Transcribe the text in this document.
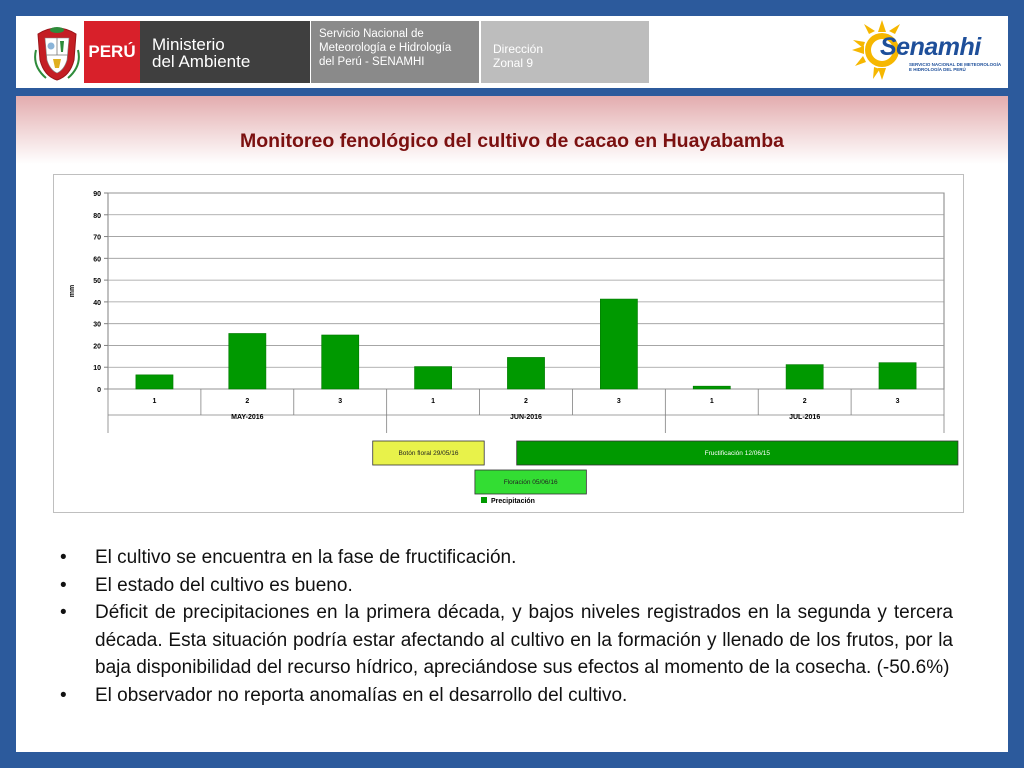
PERÚ Ministerio
del Ambiente
Servicio Nacional de
Meteorología e Hidrología
del Perú - SENAMHI
Dirección
Zonal 9
Senamhi
SERVICIO NACIONAL DE METEOROLOGÍA E HIDROLOGÍA DEL PERÚ
Monitoreo fenológico del cultivo de cacao en Huayabamba
0
10
20
30
40
50
60
70
80
90
mm
1	2	3	1	2	3	1	2	3
MAY-2016	JUN-2016	JUL-2016
Botón floral 29/05/16	Fructificación 12/06/15
Floración 05/06/16
Precipitación
• El cultivo se encuentra en la fase de fructificación.
• El estado del cultivo es bueno.
• Déficit de precipitaciones en la primera década, y bajos niveles registrados en la segunda y tercera década. Esta situación podría estar afectando al cultivo en la formación y llenado de los frutos, por la baja disponibilidad del recurso hídrico, apreciándose sus efectos al momento de la cosecha. (-50.6%)
• El observador no reporta anomalías en el desarrollo del cultivo.
